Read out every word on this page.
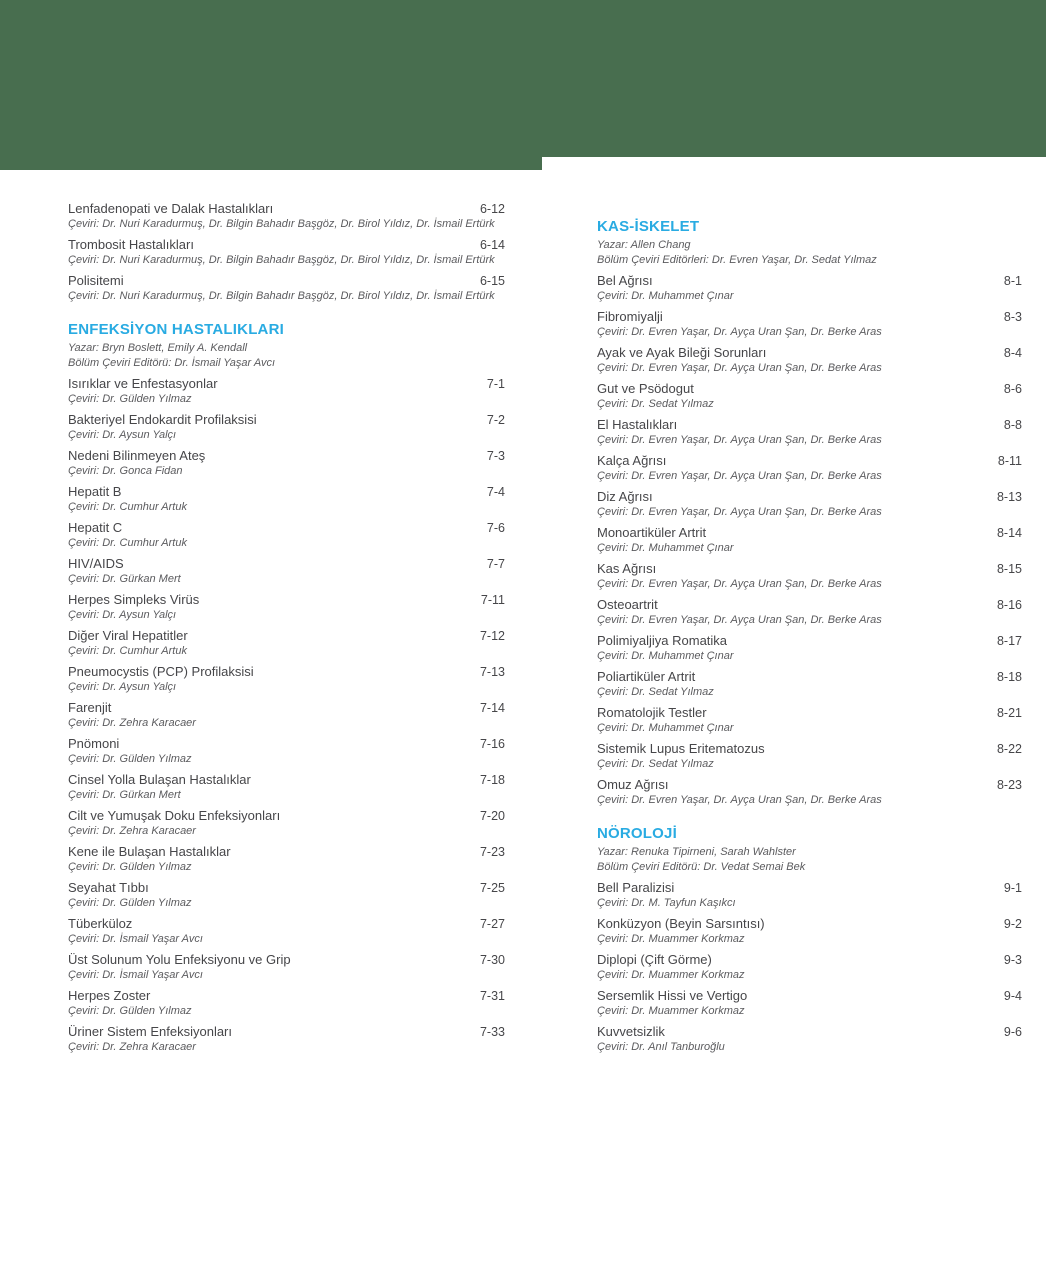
Lenfadenopati ve Dalak Hastalıkları	6-12
Çeviri: Dr. Nuri Karadurmuş, Dr. Bilgin Bahadır Başgöz, Dr. Birol Yıldız, Dr. İsmail Ertürk
Trombosit Hastalıkları	6-14
Çeviri: Dr. Nuri Karadurmuş, Dr. Bilgin Bahadır Başgöz, Dr. Birol Yıldız, Dr. İsmail Ertürk
Polisitemi	6-15
Çeviri: Dr. Nuri Karadurmuş, Dr. Bilgin Bahadır Başgöz, Dr. Birol Yıldız, Dr. İsmail Ertürk
ENFEKSİYON HASTALIKLARI
Yazar: Bryn Boslett, Emily A. Kendall
Bölüm Çeviri Editörü: Dr. İsmail Yaşar Avcı
Isırıklar ve Enfestasyonlar	7-1
Çeviri: Dr. Gülden Yılmaz
Bakteriyel Endokardit Profilaksisi	7-2
Çeviri: Dr. Aysun Yalçı
Nedeni Bilinmeyen Ateş	7-3
Çeviri: Dr. Gonca Fidan
Hepatit B	7-4
Çeviri: Dr. Cumhur Artuk
Hepatit C	7-6
Çeviri: Dr. Cumhur Artuk
HIV/AIDS	7-7
Çeviri: Dr. Gürkan Mert
Herpes Simpleks Virüs	7-11
Çeviri: Dr. Aysun Yalçı
Diğer Viral Hepatitler	7-12
Çeviri: Dr. Cumhur Artuk
Pneumocystis (PCP) Profilaksisi	7-13
Çeviri: Dr. Aysun Yalçı
Farenjit	7-14
Çeviri: Dr. Zehra Karacaer
Pnömoni	7-16
Çeviri: Dr. Gülden Yılmaz
Cinsel Yolla Bulaşan Hastalıklar	7-18
Çeviri: Dr. Gürkan Mert
Cilt ve Yumuşak Doku Enfeksiyonları	7-20
Çeviri: Dr. Zehra Karacaer
Kene ile Bulaşan Hastalıklar	7-23
Çeviri: Dr. Gülden Yılmaz
Seyahat Tıbbı	7-25
Çeviri: Dr. Gülden Yılmaz
Tüberküloz	7-27
Çeviri: Dr. İsmail Yaşar Avcı
Üst Solunum Yolu Enfeksiyonu ve Grip	7-30
Çeviri: Dr. İsmail Yaşar Avcı
Herpes Zoster	7-31
Çeviri: Dr. Gülden Yılmaz
Üriner Sistem Enfeksiyonları	7-33
Çeviri: Dr. Zehra Karacaer
KAS-İSKELET
Yazar: Allen Chang
Bölüm Çeviri Editörleri: Dr. Evren Yaşar, Dr. Sedat Yılmaz
Bel Ağrısı	8-1
Çeviri: Dr. Muhammet Çınar
Fibromiyalji	8-3
Çeviri: Dr. Evren Yaşar, Dr. Ayça Uran Şan, Dr. Berke Aras
Ayak ve Ayak Bileği Sorunları	8-4
Çeviri: Dr. Evren Yaşar, Dr. Ayça Uran Şan, Dr. Berke Aras
Gut ve Psödogut	8-6
Çeviri: Dr. Sedat Yılmaz
El Hastalıkları	8-8
Çeviri: Dr. Evren Yaşar, Dr. Ayça Uran Şan, Dr. Berke Aras
Kalça Ağrısı	8-11
Çeviri: Dr. Evren Yaşar, Dr. Ayça Uran Şan, Dr. Berke Aras
Diz Ağrısı	8-13
Çeviri: Dr. Evren Yaşar, Dr. Ayça Uran Şan, Dr. Berke Aras
Monoartiküler Artrit	8-14
Çeviri: Dr. Muhammet Çınar
Kas Ağrısı	8-15
Çeviri: Dr. Evren Yaşar, Dr. Ayça Uran Şan, Dr. Berke Aras
Osteoartrit	8-16
Çeviri: Dr. Evren Yaşar, Dr. Ayça Uran Şan, Dr. Berke Aras
Polimiyaljiya Romatika	8-17
Çeviri: Dr. Muhammet Çınar
Poliartiküler Artrit	8-18
Çeviri: Dr. Sedat Yılmaz
Romatolojik Testler	8-21
Çeviri: Dr. Muhammet Çınar
Sistemik Lupus Eritematozus	8-22
Çeviri: Dr. Sedat Yılmaz
Omuz Ağrısı	8-23
Çeviri: Dr. Evren Yaşar, Dr. Ayça Uran Şan, Dr. Berke Aras
NÖROLOJİ
Yazar: Renuka Tipirneni, Sarah Wahlster
Bölüm Çeviri Editörü: Dr. Vedat Semai Bek
Bell Paralizisi	9-1
Çeviri: Dr. M. Tayfun Kaşıkcı
Konküzyon (Beyin Sarsıntısı)	9-2
Çeviri: Dr. Muammer Korkmaz
Diplopi (Çift Görme)	9-3
Çeviri: Dr. Muammer Korkmaz
Sersemlik Hissi ve Vertigo	9-4
Çeviri: Dr. Muammer Korkmaz
Kuvvetsizlik	9-6
Çeviri: Dr. Anıl Tanburoğlu
